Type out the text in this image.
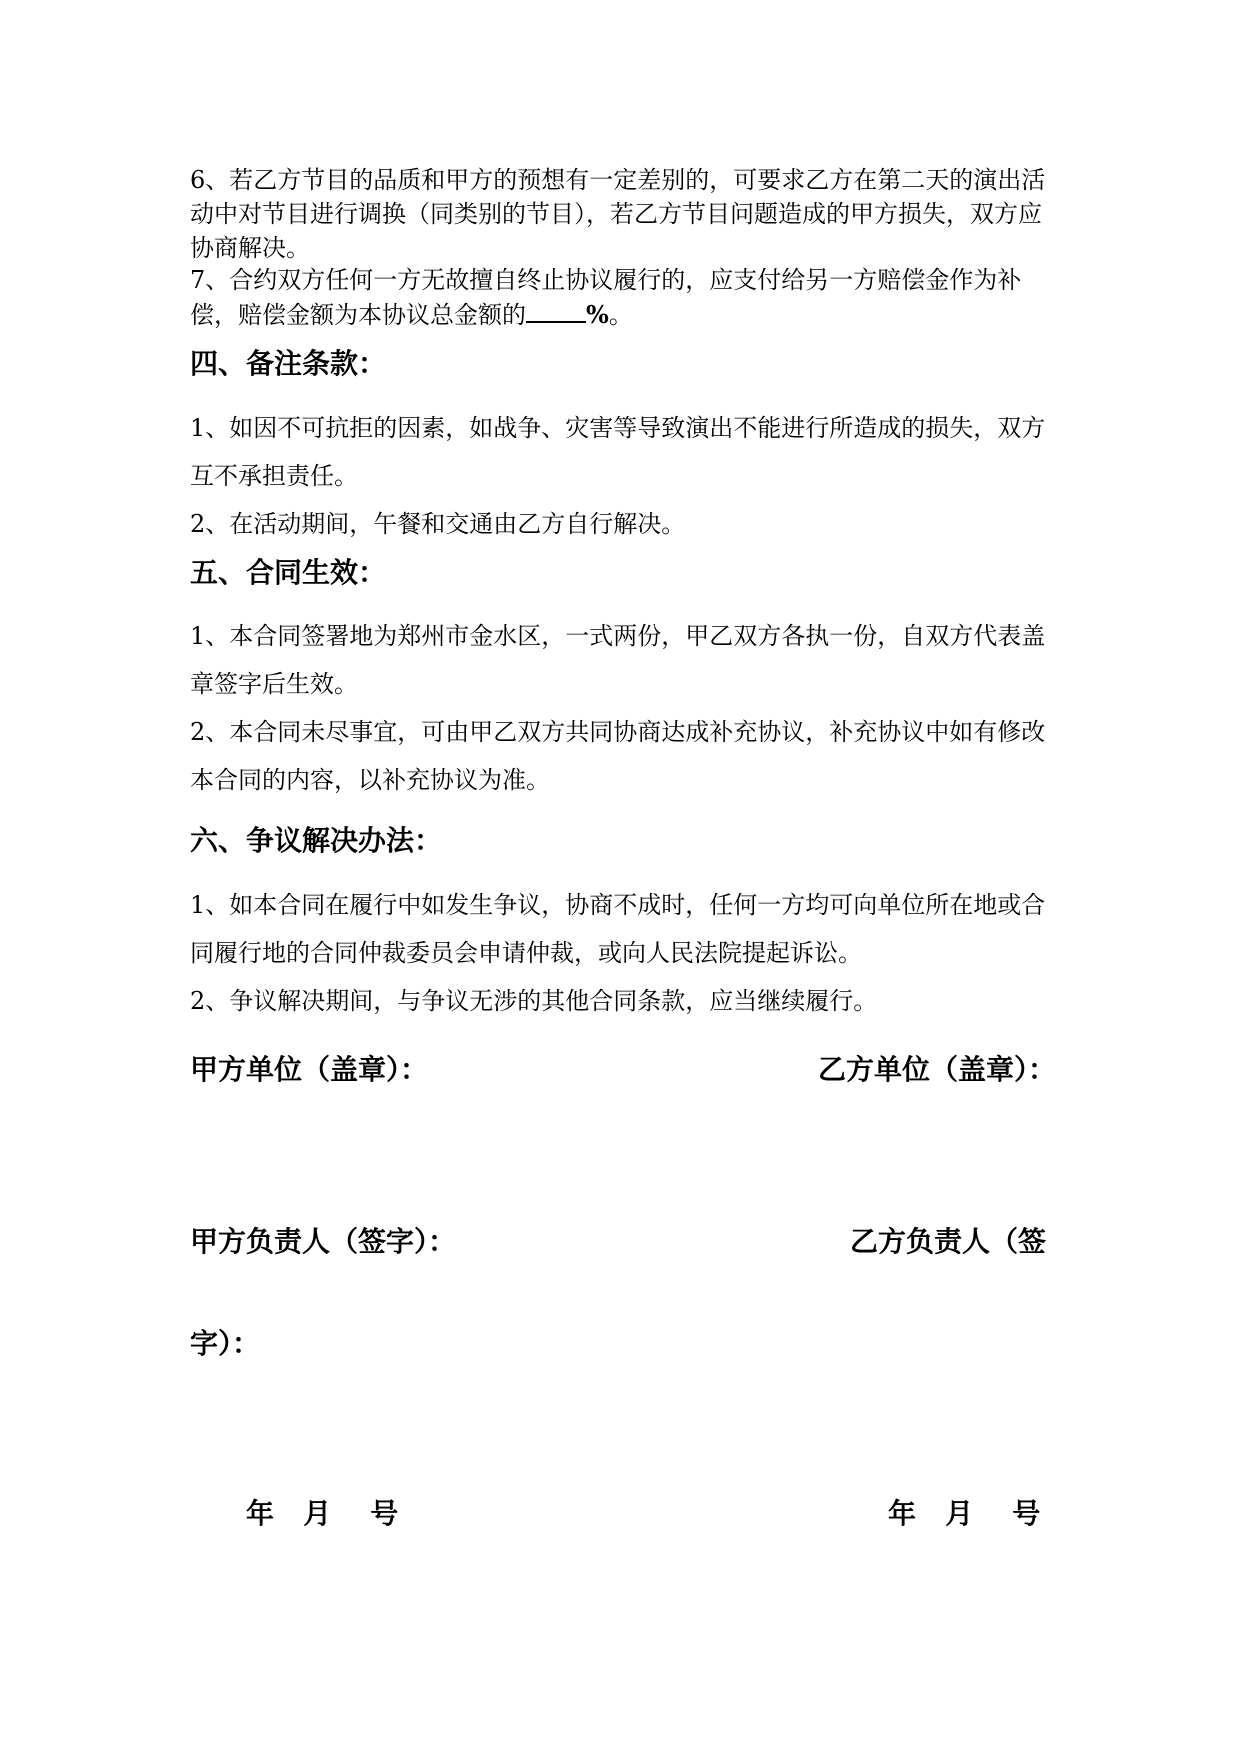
6、若乙方节目的品质和甲方的预想有一定差别的，可要求乙方在第二天的演出活动中对节目进行调换（同类别的节目），若乙方节目问题造成的甲方损失，双方应协商解决。

7、合约双方任何一方无故擅自终止协议履行的，应支付给另一方赔偿金作为补偿，赔偿金额为本协议总金额的	%。

四、备注条款：

1、如因不可抗拒的因素，如战争、灾害等导致演出不能进行所造成的损失，双方互不承担责任。

2、在活动期间，午餐和交通由乙方自行解决。

五、合同生效：

1、本合同签署地为郑州市金水区，一式两份，甲乙双方各执一份，自双方代表盖章签字后生效。

2、本合同未尽事宜，可由甲乙双方共同协商达成补充协议，补充协议中如有修改本合同的内容，以补充协议为准。

六、争议解决办法：

1、如本合同在履行中如发生争议，协商不成时，任何一方均可向单位所在地或合同履行地的合同仲裁委员会申请仲裁，或向人民法院提起诉讼。

2、争议解决期间，与争议无涉的其他合同条款，应当继续履行。

甲方单位（盖章）：	乙方单位（盖章）：
甲方负责人（签字）：	乙方负责人（签
字）：
年   月    号	年   月    号
